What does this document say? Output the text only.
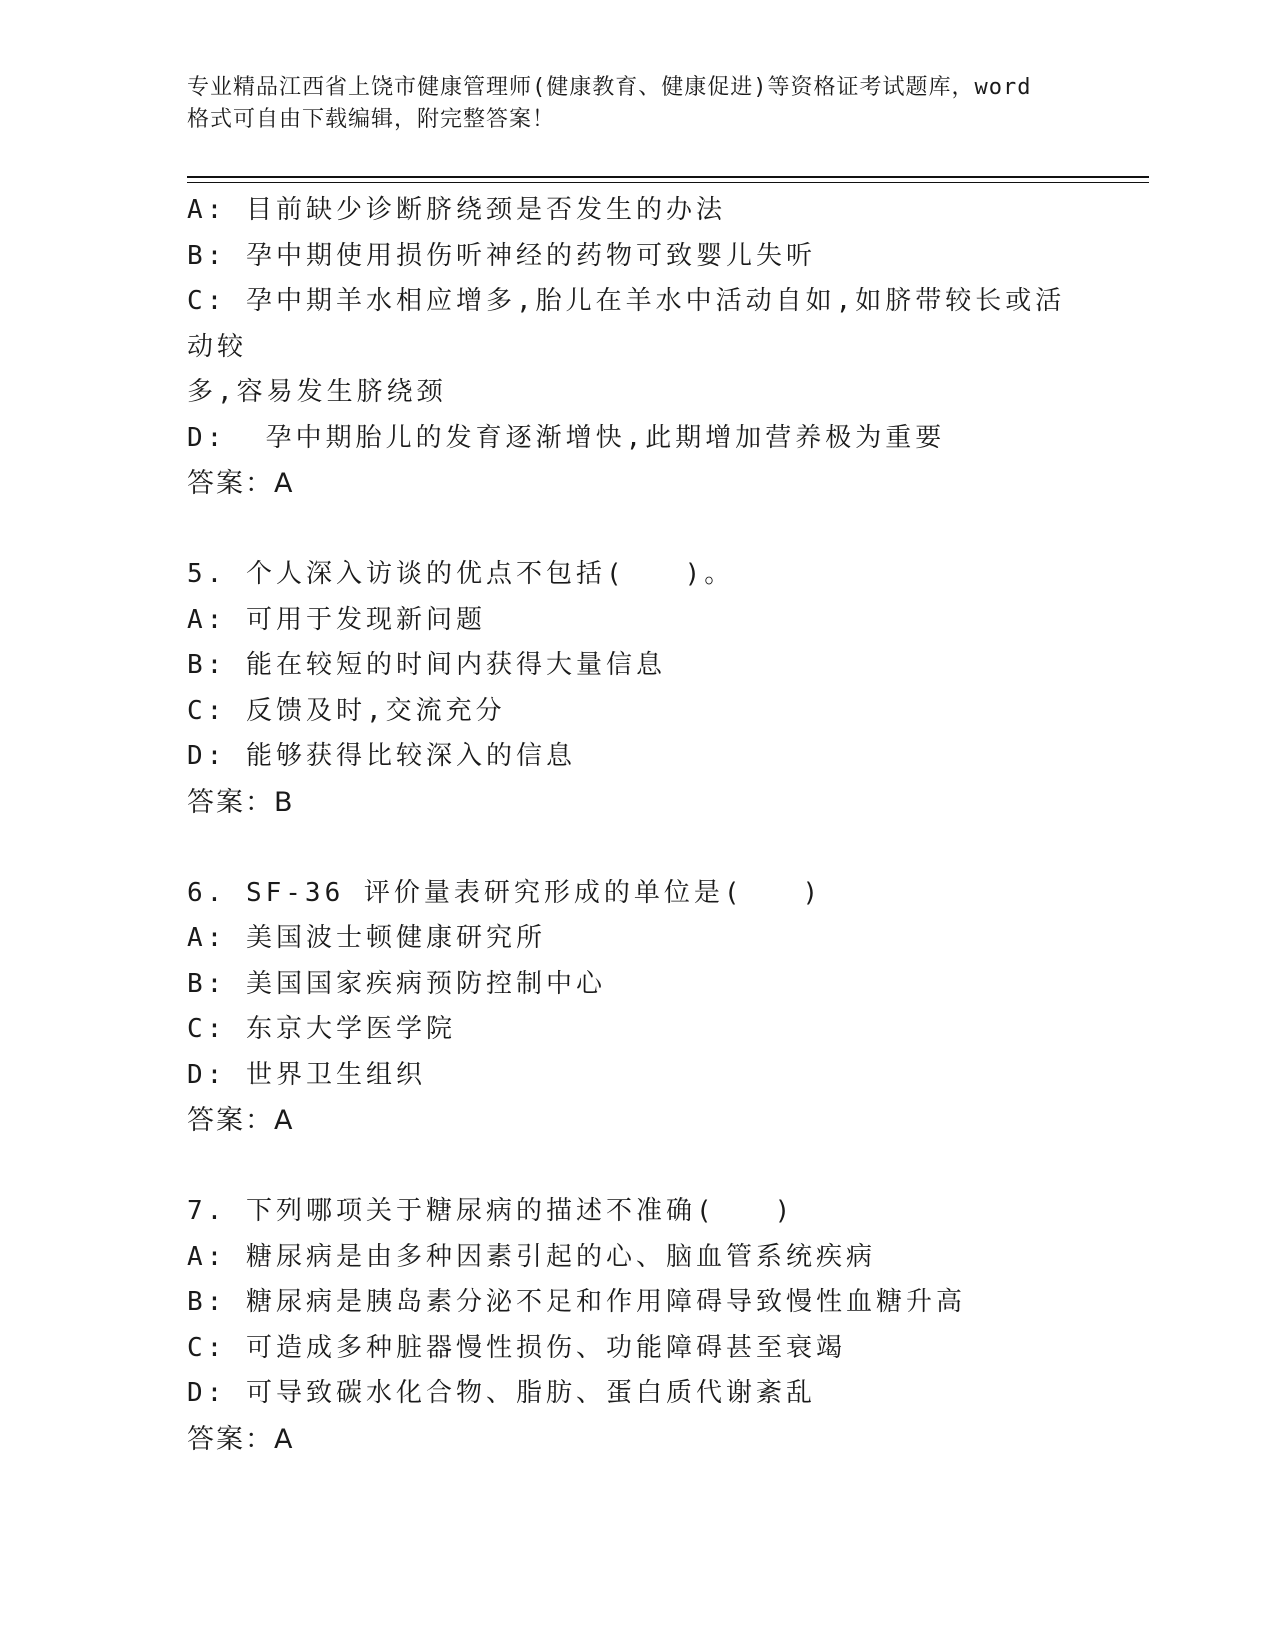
专业精品江西省上饶市健康管理师(健康教育、健康促进)等资格证考试题库，word
格式可自由下载编辑，附完整答案！

A: 目前缺少诊断脐绕颈是否发生的办法

B: 孕中期使用损伤听神经的药物可致婴儿失听

C: 孕中期羊水相应增多,胎儿在羊水中活动自如,如脐带较长或活动较

多,容易发生脐绕颈

D:  孕中期胎儿的发育逐渐增快,此期增加营养极为重要

答案：A

5. 个人深入访谈的优点不包括(   )。

A: 可用于发现新问题

B: 能在较短的时间内获得大量信息

C: 反馈及时,交流充分

D: 能够获得比较深入的信息

答案：B

6. SF-36 评价量表研究形成的单位是(   )

A: 美国波士顿健康研究所

B: 美国国家疾病预防控制中心

C: 东京大学医学院

D: 世界卫生组织

答案：A

7. 下列哪项关于糖尿病的描述不准确(   )

A: 糖尿病是由多种因素引起的心、脑血管系统疾病

B: 糖尿病是胰岛素分泌不足和作用障碍导致慢性血糖升高

C: 可造成多种脏器慢性损伤、功能障碍甚至衰竭

D: 可导致碳水化合物、脂肪、蛋白质代谢紊乱

答案：A
